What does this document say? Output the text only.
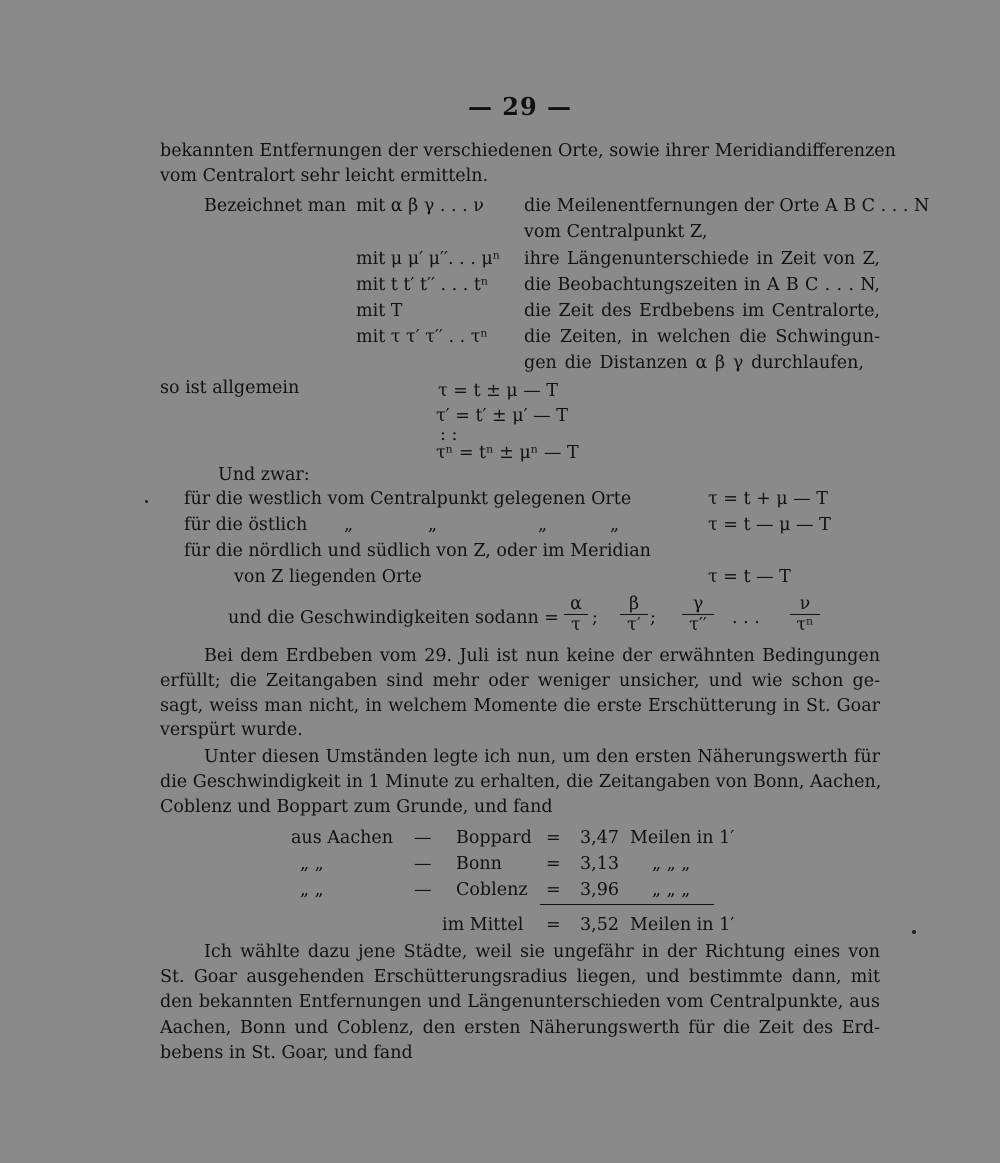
— 29 —
bekannten Entfernungen der verschiedenen Orte, sowie ihrer Meridiandifferenzen
vom Centralort sehr leicht ermitteln.
Bezeichnet man mit α β γ . . . ν die Meilenentfernungen der Orte A B C . . . N
vom Centralpunkt Z,
mit μ μ′ μ′′. . . μⁿ ihre Längenunterschiede in Zeit von Z,
mit t t′ t′′ . . . tⁿ die Beobachtungszeiten in A B C . . . N,
mit T	die Zeit des Erdbebens im Centralorte,
mit τ τ′ τ′′ . . τⁿ die Zeiten, in welchen die Schwingun-
gen die Distanzen α β γ durchlaufen,
so ist allgemein	τ = t ± μ — T
τ′ = t′ ± μ′ — T
: :
τⁿ = tⁿ ± μⁿ — T
Und zwar:
für die westlich vom Centralpunkt gelegenen Orte	τ = t + μ — T
für die östlich „	„	„	„	τ = t — μ — T
für die nördlich und südlich von Z, oder im Meridian
von Z liegenden Orte	τ = t — T
und die Geschwindigkeiten sodann = $\frac{\alpha}{\tau}$ ; $\frac{\beta}{\tau'}$ ; $\frac{\gamma}{\tau''}$ . . . $\frac{\nu}{\text{τⁿ}}$
Bei dem Erdbeben vom 29. Juli ist nun keine der erwähnten Bedingungen
erfüllt; die Zeitangaben sind mehr oder weniger unsicher, und wie schon ge-
sagt, weiss man nicht, in welchem Momente die erste Erschütterung in St. Goar
verspürt wurde.
Unter diesen Umständen legte ich nun, um den ersten Näherungswerth für
die Geschwindigkeit in 1 Minute zu erhalten, die Zeitangaben von Bonn, Aachen,
Coblenz und Boppart zum Grunde, und fand
aus Aachen — Boppard = 3,47 Meilen in 1′
„ „	— Bonn	= 3,13 „ „ „
„ „	— Coblenz = 3,96 „ „ „
im Mittel = 3,52 Meilen in 1′
Ich wählte dazu jene Städte, weil sie ungefähr in der Richtung eines von
St. Goar ausgehenden Erschütterungsradius liegen, und bestimmte dann, mit
den bekannten Entfernungen und Längenunterschieden vom Centralpunkte, aus
Aachen, Bonn und Coblenz, den ersten Näherungswerth für die Zeit des Erd-
bebens in St. Goar, und fand
